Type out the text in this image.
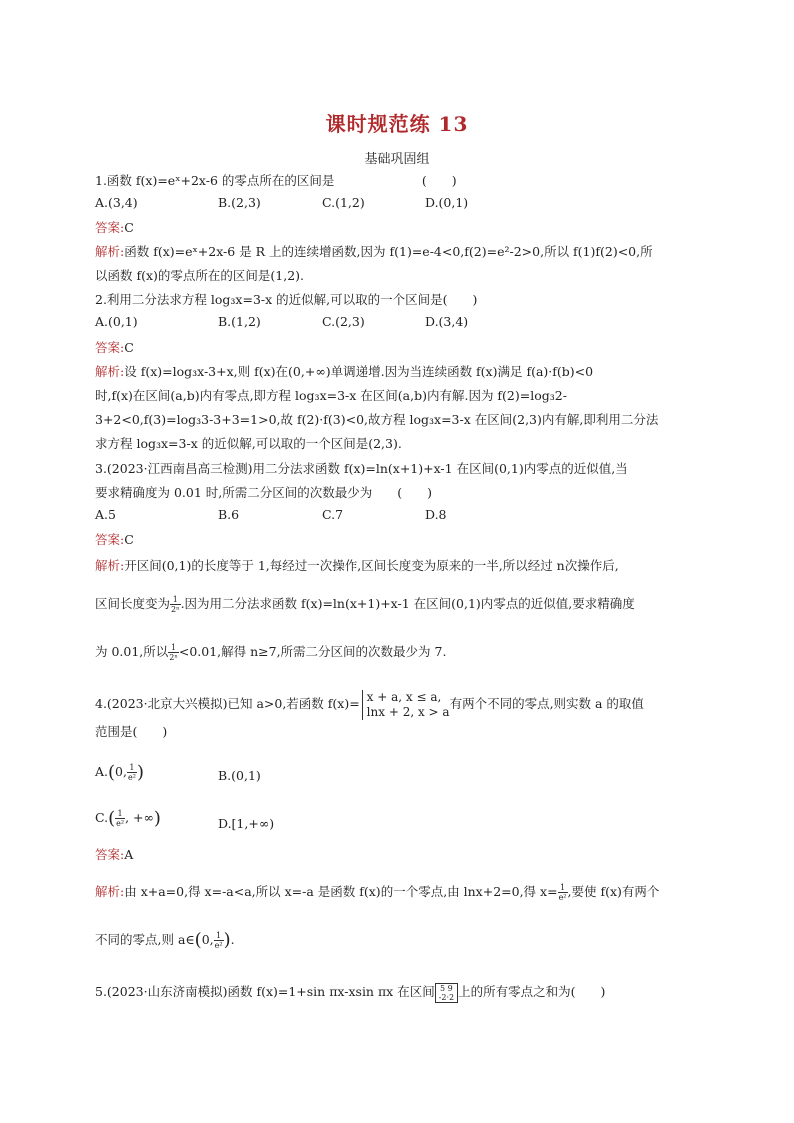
课时规范练 13
基础巩固组
1.函数 f(x)=eˣ+2x-6 的零点所在的区间是　　　　　　　(　　)
A.(3,4)	B.(2,3)	C.(1,2)	D.(0,1)
答案:C
解析:函数 f(x)=eˣ+2x-6 是 R 上的连续增函数,因为 f(1)=e-4<0,f(2)=e²-2>0,所以 f(1)f(2)<0,所
以函数 f(x)的零点所在的区间是(1,2).
2.利用二分法求方程 log₃x=3-x 的近似解,可以取的一个区间是(　　)
A.(0,1)	B.(1,2)	C.(2,3)	D.(3,4)
答案:C
解析:设 f(x)=log₃x-3+x,则 f(x)在(0,+∞)单调递增.因为当连续函数 f(x)满足 f(a)·f(b)<0
时,f(x)在区间(a,b)内有零点,即方程 log₃x=3-x 在区间(a,b)内有解.因为 f(2)=log₃2-
3+2<0,f(3)=log₃3-3+3=1>0,故 f(2)·f(3)<0,故方程 log₃x=3-x 在区间(2,3)内有解,即利用二分法
求方程 log₃x=3-x 的近似解,可以取的一个区间是(2,3).
3.(2023·江西南昌高三检测)用二分法求函数 f(x)=ln(x+1)+x-1 在区间(0,1)内零点的近似值,当
要求精确度为 0.01 时,所需二分区间的次数最少为　　(　　)
A.5	B.6	C.7	D.8
答案:C
解析:开区间(0,1)的长度等于 1,每经过一次操作,区间长度变为原来的一半,所以经过 n次操作后,
区间长度变为 $\frac{1}{\text{2ⁿ}}$ .因为用二分法求函数 f(x)=ln(x+1)+x-1 在区间(0,1)内零点的近似值,要求精确度
为 0.01,所以 $\frac{1}{\text{2ⁿ}} <0.01$,解得 n≥7,所需二分区间的次数最少为 7.
4.(2023·北京大兴模拟)已知 a>0,若函数 f(x)= x + a, x ≤ a,
lnx + 2, x > a
有两个不同的零点,则实数 a 的取值
范围是(　　)
A.(0, $\frac{1}{\text{e²}}$ )	B.(0,1)
$C.( \frac{1}{\text{e²}}$ , +∞)	D.[1,+∞)
答案:A
解析:由 x+a=0,得 x=-a<a,所以 x=-a 是函数 f(x)的一个零点,由 lnx+2=0,得 $x= \frac{1}{\text{e²}}$ ,要使 f(x)有两个
不同的零点,则 a∈(0, $\frac{1}{\text{e²}}$ ).
5.(2023·山东济南模拟)函数 f(x)=1+sin πx-xsin πx 在区间 5 9
-2·2 上的所有零点之和为(　　)
